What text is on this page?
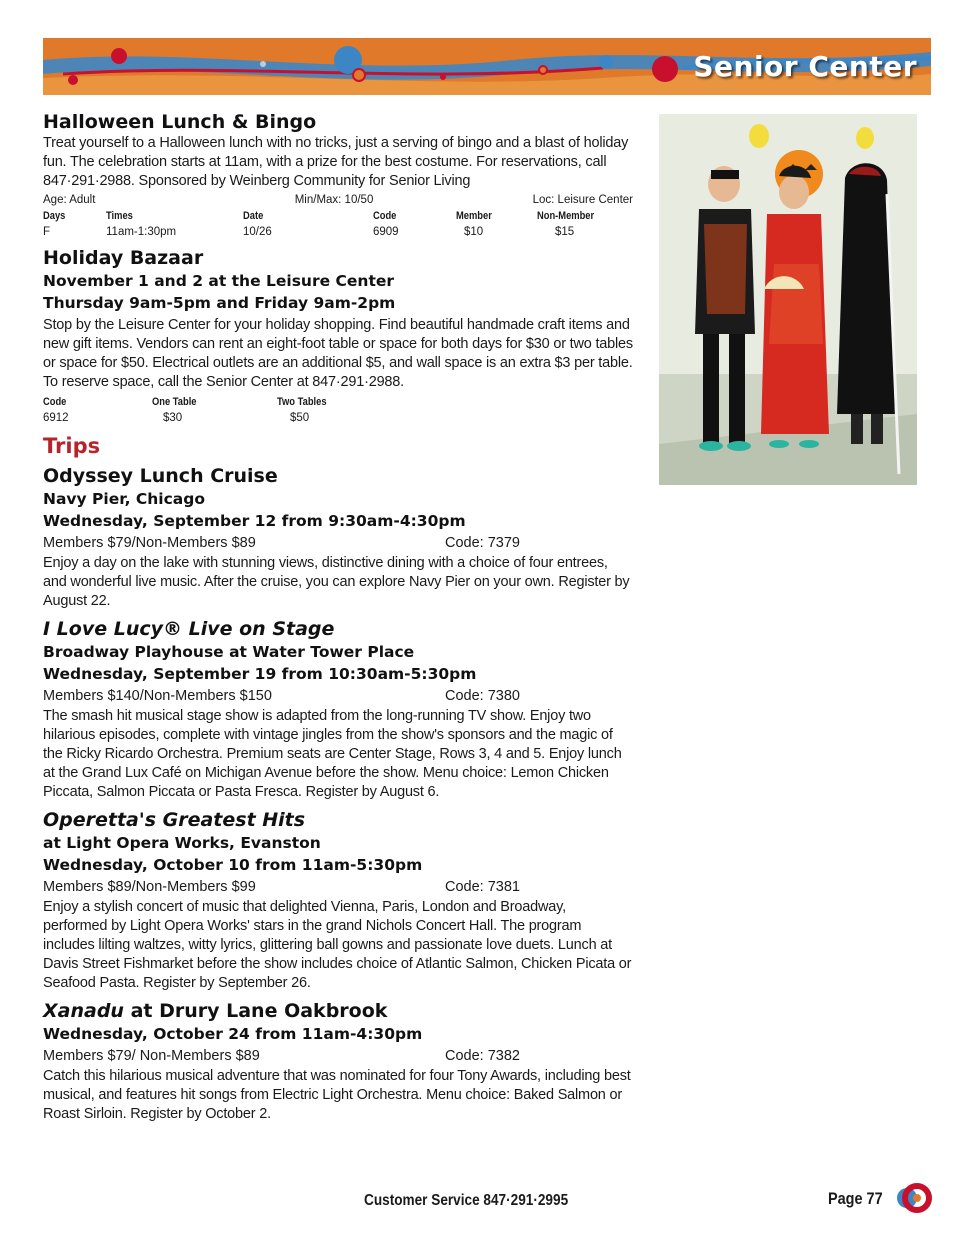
Senior Center
Halloween Lunch & Bingo

Treat yourself to a Halloween lunch with no tricks, just a serving of bingo and a blast of holiday fun. The celebration starts at 11am, with a prize for the best costume. For reservations, call 847·291·2988. Sponsored by Weinberg Community for Senior Living

Age: Adult	Min/Max: 10/50	Loc: Leisure Center
Days	Times	Date	Code	Member	Non-Member
F	11am-1:30pm	10/26	6909	$10	$15
Holiday Bazaar
November 1 and 2 at the Leisure Center
Thursday 9am-5pm and Friday 9am-2pm

Stop by the Leisure Center for your holiday shopping. Find beautiful handmade craft items and new gift items. Vendors can rent an eight-foot table or space for both days for $30 or two tables or space for $50. Electrical outlets are an additional $5, and wall space is an extra $3 per table. To reserve space, call the Senior Center at 847·291·2988.

Code	One Table	Two Tables
6912	$30	$50
Trips
Odyssey Lunch Cruise
Navy Pier, Chicago
Wednesday, September 12 from 9:30am-4:30pm
Members $79/Non-Members $89	Code: 7379

Enjoy a day on the lake with stunning views, distinctive dining with a choice of four entrees, and wonderful live music. After the cruise, you can explore Navy Pier on your own. Register by August 22.

I Love Lucy® Live on Stage
Broadway Playhouse at Water Tower Place
Wednesday, September 19 from 10:30am-5:30pm
Members $140/Non-Members $150	Code: 7380

The smash hit musical stage show is adapted from the long-running TV show. Enjoy two hilarious episodes, complete with vintage jingles from the show's sponsors and the magic of the Ricky Ricardo Orchestra. Premium seats are Center Stage, Rows 3, 4 and 5. Enjoy lunch at the Grand Lux Café on Michigan Avenue before the show. Menu choice: Lemon Chicken Piccata, Salmon Piccata or Pasta Fresca. Register by August 6.

Operetta's Greatest Hits
at Light Opera Works, Evanston
Wednesday, October 10 from 11am-5:30pm
Members $89/Non-Members $99	Code: 7381

Enjoy a stylish concert of music that delighted Vienna, Paris, London and Broadway, performed by Light Opera Works' stars in the grand Nichols Concert Hall. The program includes lilting waltzes, witty lyrics, glittering ball gowns and passionate love duets. Lunch at Davis Street Fishmarket before the show includes choice of Atlantic Salmon, Chicken Picata or Seafood Pasta. Register by September 26.

Xanadu at Drury Lane Oakbrook
Wednesday, October 24 from 11am-4:30pm
Members $79/ Non-Members $89	Code: 7382

Catch this hilarious musical adventure that was nominated for four Tony Awards, including best musical, and features hit songs from Electric Light Orchestra. Menu choice: Baked Salmon or Roast Sirloin. Register by October 2.

Customer Service 847·291·2995	Page 77
